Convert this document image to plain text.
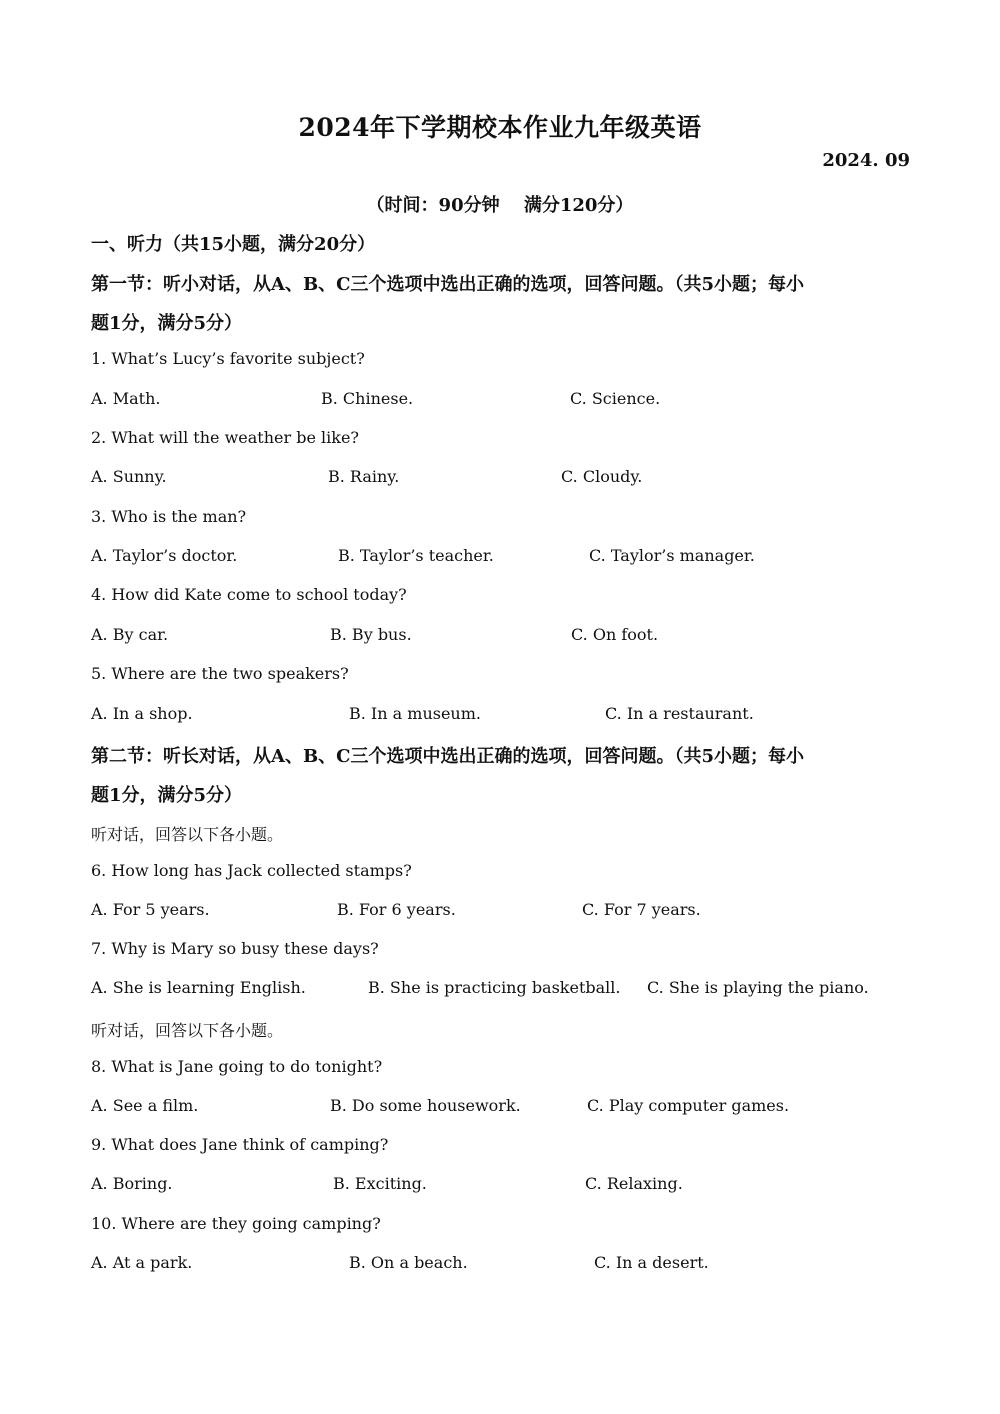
2024年下学期校本作业九年级英语
2024. 09
（时间：90分钟　 满分120分）
一、听力（共15小题，满分20分）
第一节：听小对话，从A、B、C三个选项中选出正确的选项，回答问题。（共5小题；每小
题1分，满分5分）
1. What’s Lucy’s favorite subject?
A. Math.	B. Chinese.	C. Science.
2. What will the weather be like?
A. Sunny.	B. Rainy.	C. Cloudy.
3. Who is the man?
A. Taylor’s doctor.	B. Taylor’s teacher.	C. Taylor’s manager.
4. How did Kate come to school today?
A. By car.	B. By bus.	C. On foot.
5. Where are the two speakers?
A. In a shop.	B. In a museum.	C. In a restaurant.
第二节：听长对话，从A、B、C三个选项中选出正确的选项，回答问题。（共5小题；每小
题1分，满分5分）
听对话，回答以下各小题。
6. How long has Jack collected stamps?
A. For 5 years.	B. For 6 years.	C. For 7 years.
7. Why is Mary so busy these days?
A. She is learning English.	B. She is practicing basketball. C. She is playing the piano.
听对话，回答以下各小题。
8. What is Jane going to do tonight?
A. See a film.	B. Do some housework.	C. Play computer games.
9. What does Jane think of camping?
A. Boring.	B. Exciting.	C. Relaxing.
10. Where are they going camping?
A. At a park.	B. On a beach.	C. In a desert.
